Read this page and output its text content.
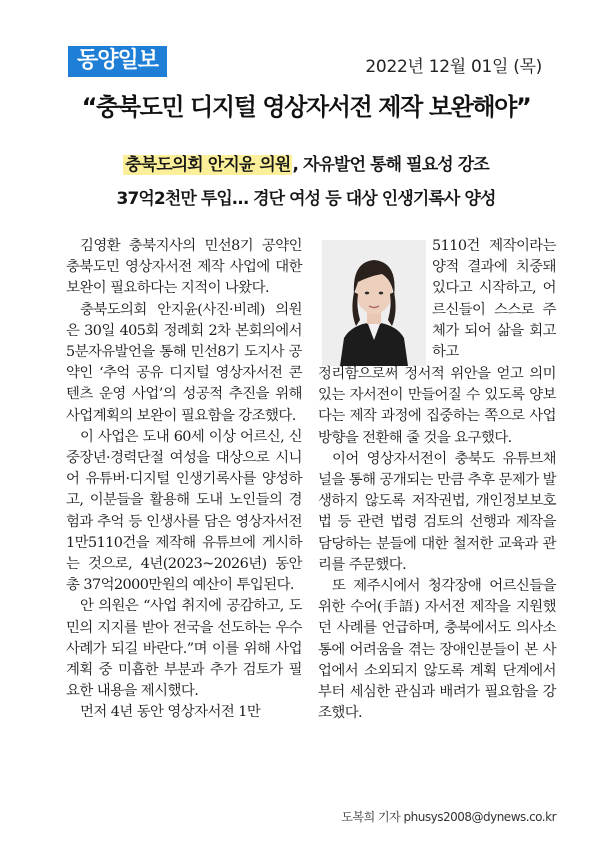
동양일보	2022년 12월 01일 (목)
“충북도민 디지털 영상자서전 제작 보완해야”
충북도의회 안지윤 의원 , 자유발언 통해 필요성 강조
37억2천만 투입… 경단 여성 등 대상 인생기록사 양성

김영환 충북지사의 민선8기 공약인 충북도민 영상자서전 제작 사업에 대한 보완이 필요하다는 지적이 나왔다.

충북도의회 안지윤(사진·비례) 의원은 30일 405회 정례회 2차 본회의에서 5분자유발언을 통해 민선8기 도지사 공약인 ‘추억 공유 디지털 영상자서전 콘텐츠 운영 사업’의 성공적 추진을 위해 사업계획의 보완이 필요함을 강조했다.

이 사업은 도내 60세 이상 어르신, 신중장년·경력단절 여성을 대상으로 시니어 유튜버·디지털 인생기록사를 양성하고, 이분들을 활용해 도내 노인들의 경험과 추억 등 인생사를 담은 영상자서전 1만5110건을 제작해 유튜브에 게시하는 것으로, 4년(2023~2026년) 동안 총 37억2000만원의 예산이 투입된다.

안 의원은 “사업 취지에 공감하고, 도민의 지지를 받아 전국을 선도하는 우수 사례가 되길 바란다.”며 이를 위해 사업계획 중 미흡한 부분과 추가 검토가 필요한 내용을 제시했다.

먼저 4년 동안 영상자서전 1만

5110건 제작이라는 양적 결과에 치중돼 있다고 시작하고, 어르신들이 스스로 주체가 되어 삶을 회고하고

정리함으로써 정서적 위안을 얻고 의미 있는 자서전이 만들어질 수 있도록 양보다는 제작 과정에 집중하는 쪽으로 사업 방향을 전환해 줄 것을 요구했다.

이어 영상자서전이 충북도 유튜브채널을 통해 공개되는 만큼 추후 문제가 발생하지 않도록 저작권법, 개인정보보호법 등 관련 법령 검토의 선행과 제작을 담당하는 분들에 대한 철저한 교육과 관리를 주문했다.

또 제주시에서 청각장애 어르신들을 위한 수어(手語) 자서전 제작을 지원했던 사례를 언급하며, 충북에서도 의사소통에 어려움을 겪는 장애인분들이 본 사업에서 소외되지 않도록 계획 단계에서부터 세심한 관심과 배려가 필요함을 강조했다.

도복희 기자 phusys2008@dynews.co.kr
